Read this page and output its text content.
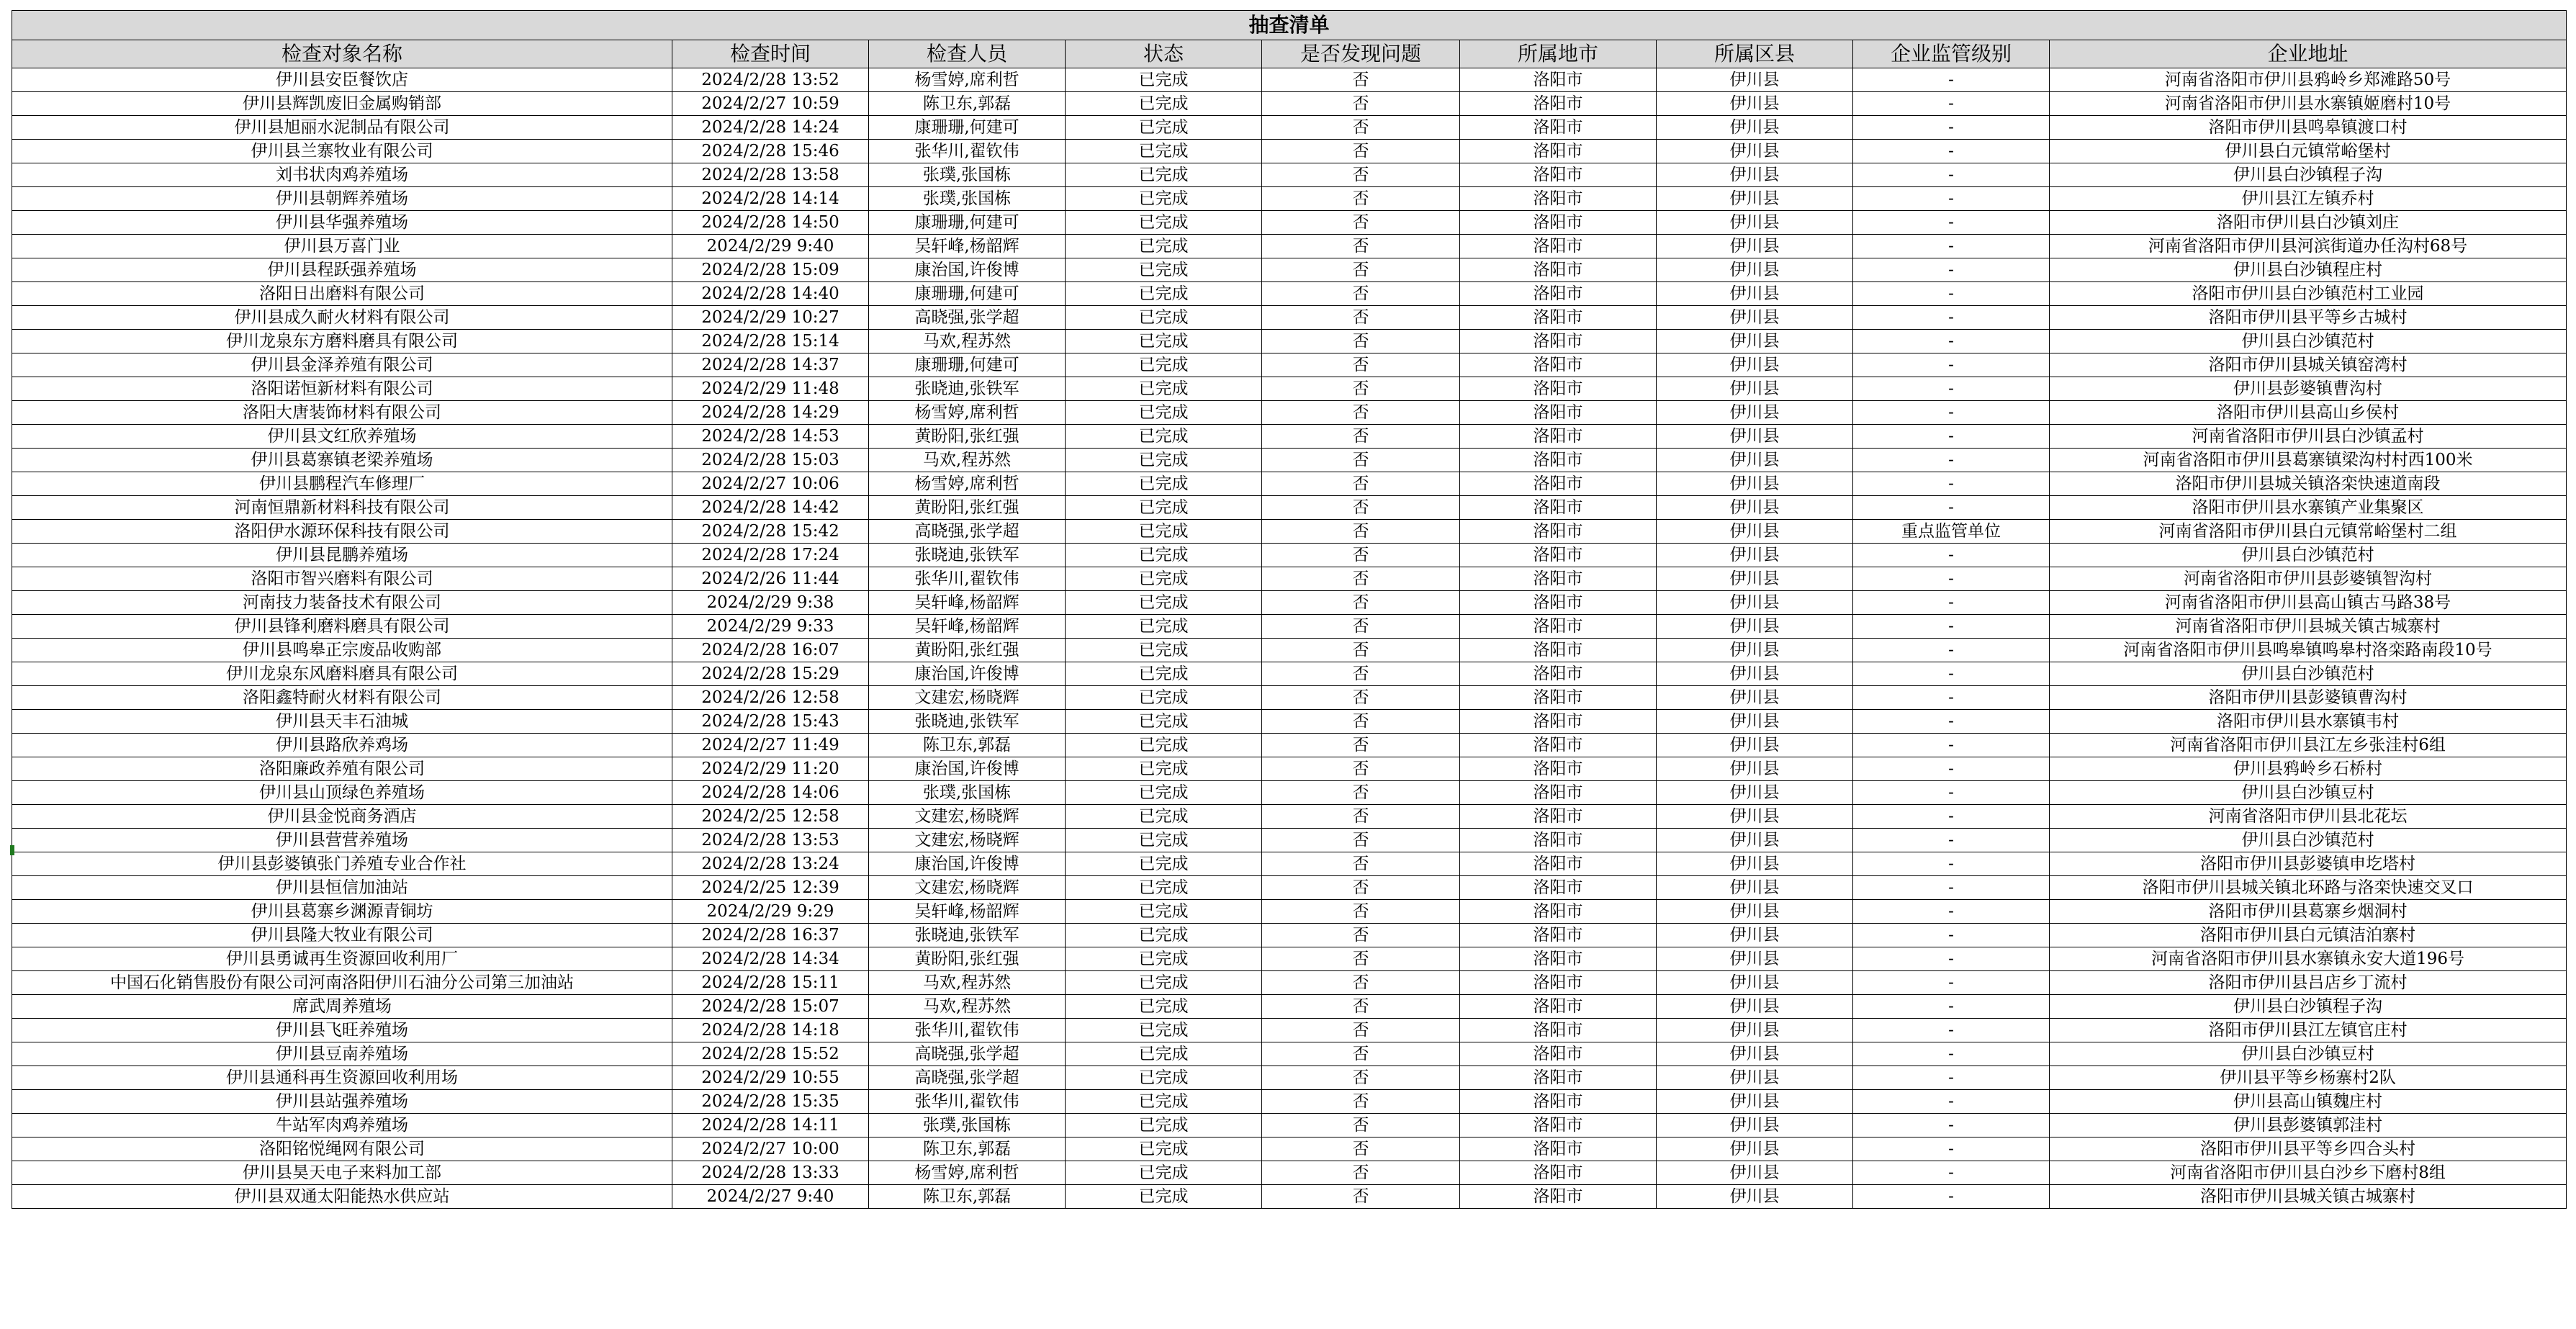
抽查清单								
检查对象名称	检查时间	检查人员	状态	是否发现问题	所属地市	所属区县	企业监管级别	企业地址
伊川县安臣餐饮店	2024/2/28 13:52	杨雪婷,席利哲	已完成	否	洛阳市	伊川县	-	河南省洛阳市伊川县鸦岭乡郑滩路50号
伊川县辉凯废旧金属购销部	2024/2/27 10:59	陈卫东,郭磊	已完成	否	洛阳市	伊川县	-	河南省洛阳市伊川县水寨镇姬磨村10号
伊川县旭丽水泥制品有限公司	2024/2/28 14:24	康珊珊,何建可	已完成	否	洛阳市	伊川县	-	洛阳市伊川县鸣皋镇渡口村
伊川县兰寨牧业有限公司	2024/2/28 15:46	张华川,翟钦伟	已完成	否	洛阳市	伊川县	-	伊川县白元镇常峪堡村
刘书状肉鸡养殖场	2024/2/28 13:58	张璞,张国栋	已完成	否	洛阳市	伊川县	-	伊川县白沙镇程子沟
伊川县朝辉养殖场	2024/2/28 14:14	张璞,张国栋	已完成	否	洛阳市	伊川县	-	伊川县江左镇乔村
伊川县华强养殖场	2024/2/28 14:50	康珊珊,何建可	已完成	否	洛阳市	伊川县	-	洛阳市伊川县白沙镇刘庄
伊川县万喜门业	2024/2/29 9:40	吴轩峰,杨韶辉	已完成	否	洛阳市	伊川县	-	河南省洛阳市伊川县河滨街道办任沟村68号
伊川县程跃强养殖场	2024/2/28 15:09	康治国,许俊博	已完成	否	洛阳市	伊川县	-	伊川县白沙镇程庄村
洛阳日出磨料有限公司	2024/2/28 14:40	康珊珊,何建可	已完成	否	洛阳市	伊川县	-	洛阳市伊川县白沙镇范村工业园
伊川县成久耐火材料有限公司	2024/2/29 10:27	高晓强,张学超	已完成	否	洛阳市	伊川县	-	洛阳市伊川县平等乡古城村
伊川龙泉东方磨料磨具有限公司	2024/2/28 15:14	马欢,程苏然	已完成	否	洛阳市	伊川县	-	伊川县白沙镇范村
伊川县金泽养殖有限公司	2024/2/28 14:37	康珊珊,何建可	已完成	否	洛阳市	伊川县	-	洛阳市伊川县城关镇窑湾村
洛阳诺恒新材料有限公司	2024/2/29 11:48	张晓迪,张铁军	已完成	否	洛阳市	伊川县	-	伊川县彭婆镇曹沟村
洛阳大唐装饰材料有限公司	2024/2/28 14:29	杨雪婷,席利哲	已完成	否	洛阳市	伊川县	-	洛阳市伊川县高山乡侯村
伊川县文红欣养殖场	2024/2/28 14:53	黄盼阳,张红强	已完成	否	洛阳市	伊川县	-	河南省洛阳市伊川县白沙镇孟村
伊川县葛寨镇老梁养殖场	2024/2/28 15:03	马欢,程苏然	已完成	否	洛阳市	伊川县	-	河南省洛阳市伊川县葛寨镇梁沟村村西100米
伊川县鹏程汽车修理厂	2024/2/27 10:06	杨雪婷,席利哲	已完成	否	洛阳市	伊川县	-	洛阳市伊川县城关镇洛栾快速道南段
河南恒鼎新材料科技有限公司	2024/2/28 14:42	黄盼阳,张红强	已完成	否	洛阳市	伊川县	-	洛阳市伊川县水寨镇产业集聚区
洛阳伊水源环保科技有限公司	2024/2/28 15:42	高晓强,张学超	已完成	否	洛阳市	伊川县	重点监管单位	河南省洛阳市伊川县白元镇常峪堡村二组
伊川县昆鹏养殖场	2024/2/28 17:24	张晓迪,张铁军	已完成	否	洛阳市	伊川县	-	伊川县白沙镇范村
洛阳市智兴磨料有限公司	2024/2/26 11:44	张华川,翟钦伟	已完成	否	洛阳市	伊川县	-	河南省洛阳市伊川县彭婆镇智沟村
河南技力装备技术有限公司	2024/2/29 9:38	吴轩峰,杨韶辉	已完成	否	洛阳市	伊川县	-	河南省洛阳市伊川县高山镇古马路38号
伊川县锋利磨料磨具有限公司	2024/2/29 9:33	吴轩峰,杨韶辉	已完成	否	洛阳市	伊川县	-	河南省洛阳市伊川县城关镇古城寨村
伊川县鸣皋正宗废品收购部	2024/2/28 16:07	黄盼阳,张红强	已完成	否	洛阳市	伊川县	-	河南省洛阳市伊川县鸣皋镇鸣皋村洛栾路南段10号
伊川龙泉东风磨料磨具有限公司	2024/2/28 15:29	康治国,许俊博	已完成	否	洛阳市	伊川县	-	伊川县白沙镇范村
洛阳鑫特耐火材料有限公司	2024/2/26 12:58	文建宏,杨晓辉	已完成	否	洛阳市	伊川县	-	洛阳市伊川县彭婆镇曹沟村
伊川县天丰石油城	2024/2/28 15:43	张晓迪,张铁军	已完成	否	洛阳市	伊川县	-	洛阳市伊川县水寨镇韦村
伊川县路欣养鸡场	2024/2/27 11:49	陈卫东,郭磊	已完成	否	洛阳市	伊川县	-	河南省洛阳市伊川县江左乡张洼村6组
洛阳廉政养殖有限公司	2024/2/29 11:20	康治国,许俊博	已完成	否	洛阳市	伊川县	-	伊川县鸦岭乡石桥村
伊川县山顶绿色养殖场	2024/2/28 14:06	张璞,张国栋	已完成	否	洛阳市	伊川县	-	伊川县白沙镇豆村
伊川县金悦商务酒店	2024/2/25 12:58	文建宏,杨晓辉	已完成	否	洛阳市	伊川县	-	河南省洛阳市伊川县北花坛
伊川县营营养殖场	2024/2/28 13:53	文建宏,杨晓辉	已完成	否	洛阳市	伊川县	-	伊川县白沙镇范村
伊川县彭婆镇张门养殖专业合作社	2024/2/28 13:24	康治国,许俊博	已完成	否	洛阳市	伊川县	-	洛阳市伊川县彭婆镇申圪塔村
伊川县恒信加油站	2024/2/25 12:39	文建宏,杨晓辉	已完成	否	洛阳市	伊川县	-	洛阳市伊川县城关镇北环路与洛栾快速交叉口
伊川县葛寨乡渊源青铜坊	2024/2/29 9:29	吴轩峰,杨韶辉	已完成	否	洛阳市	伊川县	-	洛阳市伊川县葛寨乡烟洞村
伊川县隆大牧业有限公司	2024/2/28 16:37	张晓迪,张铁军	已完成	否	洛阳市	伊川县	-	洛阳市伊川县白元镇洁泊寨村
伊川县勇诚再生资源回收利用厂	2024/2/28 14:34	黄盼阳,张红强	已完成	否	洛阳市	伊川县	-	河南省洛阳市伊川县水寨镇永安大道196号
中国石化销售股份有限公司河南洛阳伊川石油分公司第三加油站	2024/2/28 15:11	马欢,程苏然	已完成	否	洛阳市	伊川县	-	洛阳市伊川县吕店乡丁流村
席武周养殖场	2024/2/28 15:07	马欢,程苏然	已完成	否	洛阳市	伊川县	-	伊川县白沙镇程子沟
伊川县飞旺养殖场	2024/2/28 14:18	张华川,翟钦伟	已完成	否	洛阳市	伊川县	-	洛阳市伊川县江左镇官庄村
伊川县豆南养殖场	2024/2/28 15:52	高晓强,张学超	已完成	否	洛阳市	伊川县	-	伊川县白沙镇豆村
伊川县通科再生资源回收利用场	2024/2/29 10:55	高晓强,张学超	已完成	否	洛阳市	伊川县	-	伊川县平等乡杨寨村2队
伊川县站强养殖场	2024/2/28 15:35	张华川,翟钦伟	已完成	否	洛阳市	伊川县	-	伊川县高山镇魏庄村
牛站军肉鸡养殖场	2024/2/28 14:11	张璞,张国栋	已完成	否	洛阳市	伊川县	-	伊川县彭婆镇郭洼村
洛阳铭悦绳网有限公司	2024/2/27 10:00	陈卫东,郭磊	已完成	否	洛阳市	伊川县	-	洛阳市伊川县平等乡四合头村
伊川县昊天电子来料加工部	2024/2/28 13:33	杨雪婷,席利哲	已完成	否	洛阳市	伊川县	-	河南省洛阳市伊川县白沙乡下磨村8组
伊川县双通太阳能热水供应站	2024/2/27 9:40	陈卫东,郭磊	已完成	否	洛阳市	伊川县	-	洛阳市伊川县城关镇古城寨村
